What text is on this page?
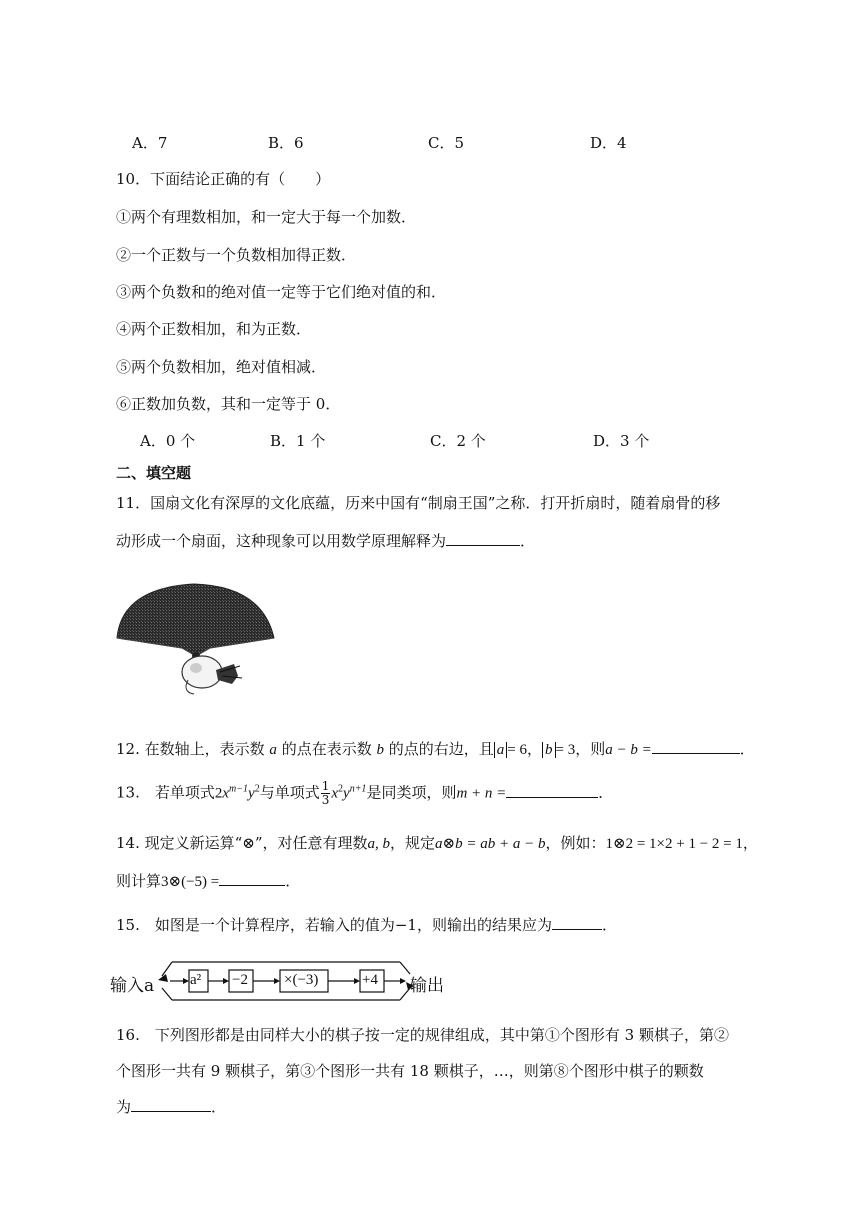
A．7	B．6	C．5	D．4
10．下面结论正确的有（　　）
①两个有理数相加，和一定大于每一个加数．
②一个正数与一个负数相加得正数．
③两个负数和的绝对值一定等于它们绝对值的和．
④两个正数相加，和为正数．
⑤两个负数相加，绝对值相减．
⑥正数加负数，其和一定等于 0．
A．0 个	B．1 个	C．2 个	D．3 个
二、填空题
11．国扇文化有深厚的文化底蕴，历来中国有“制扇王国”之称．打开折扇时，随着扇骨的移
动形成一个扇面，这种现象可以用数学原理解释为	．
12. 在数轴上，表示数 a 的点在表示数 b 的点的右边，且 a = 6， b = 3，则a − b =	．
13.　若单项式$2x^{m-1}y^2$与单项式 $\frac{1}{3} x^2y^{n+1}$是同类项，则m + n =	．
14. 现定义新运算“⊗”，对任意有理数a, b，规定a⊗b = ab + a − b，例如：1⊗2 = 1×2 + 1 − 2 = 1，
则计算3⊗(−5) =	．
15.　如图是一个计算程序，若输入的值为−1，则输出的结果应为	．
输入a a² −2 ×(−3)	+4 输出
16.　下列图形都是由同样大小的棋子按一定的规律组成，其中第①个图形有 3 颗棋子，第②
个图形一共有 9 颗棋子，第③个图形一共有 18 颗棋子，…，则第⑧个图形中棋子的颗数
为	．
